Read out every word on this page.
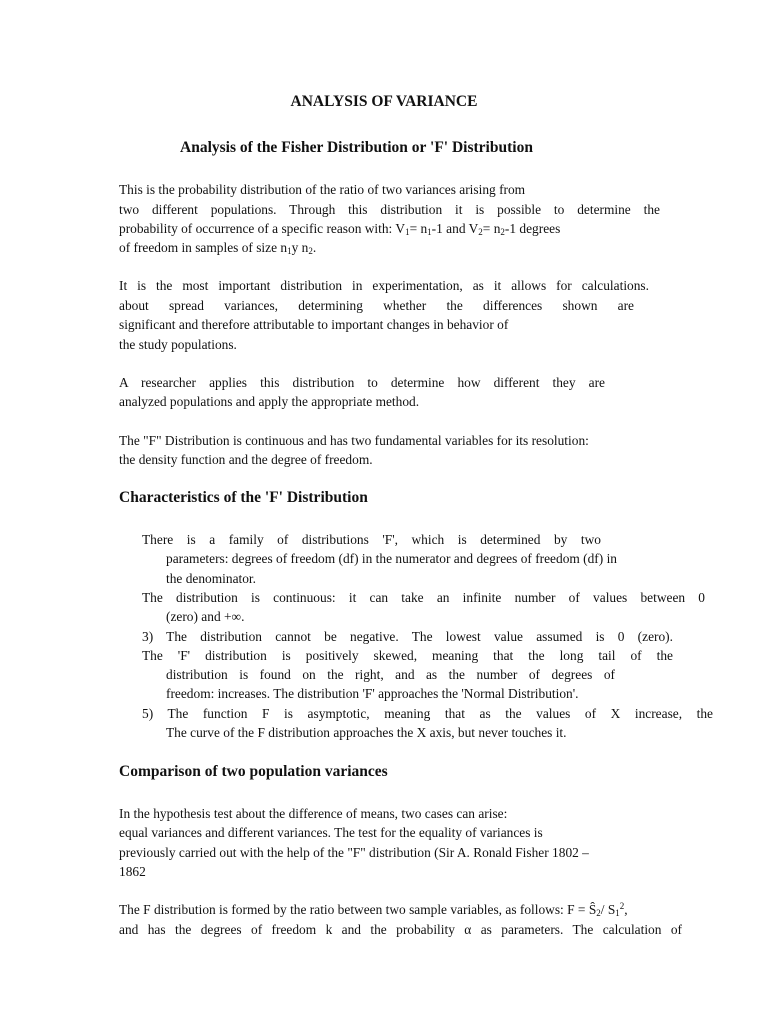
ANALYSIS OF VARIANCE
Analysis of the Fisher Distribution or 'F' Distribution
This is the probability distribution of the ratio of two variances arising from
two different populations. Through this distribution it is possible to determine the
probability of occurrence of a specific reason with: $V_1= n_1-1$ and $V_2= n_2-1$ degrees
of freedom in samples of size $n_1y$ $n_2$.
It is the most important distribution in experimentation, as it allows for calculations.
about spread variances, determining whether the differences shown are
significant and therefore attributable to important changes in behavior of
the study populations.
A researcher applies this distribution to determine how different they are
analyzed populations and apply the appropriate method.
The "F" Distribution is continuous and has two fundamental variables for its resolution:
the density function and the degree of freedom.
Characteristics of the 'F' Distribution
There is a family of distributions 'F', which is determined by two
parameters: degrees of freedom (df) in the numerator and degrees of freedom (df) in
the denominator.
The distribution is continuous: it can take an infinite number of values between 0
(zero) and +∞.
3) The distribution cannot be negative. The lowest value assumed is 0 (zero).
The 'F' distribution is positively skewed, meaning that the long tail of the
distribution is found on the right, and as the number of degrees of
freedom: increases. The distribution 'F' approaches the 'Normal Distribution'.
5) The function F is asymptotic, meaning that as the values of X increase, the
The curve of the F distribution approaches the X axis, but never touches it.
Comparison of two population variances
In the hypothesis test about the difference of means, two cases can arise:
equal variances and different variances. The test for the equality of variances is
previously carried out with the help of the "F" distribution (Sir A. Ronald Fisher 1802 –
1862
The F distribution is formed by the ratio between two sample variables, as follows: $F = Ŝ_2/$ $S_1^2$,
and has the degrees of freedom k and the probability α as parameters. The calculation of
